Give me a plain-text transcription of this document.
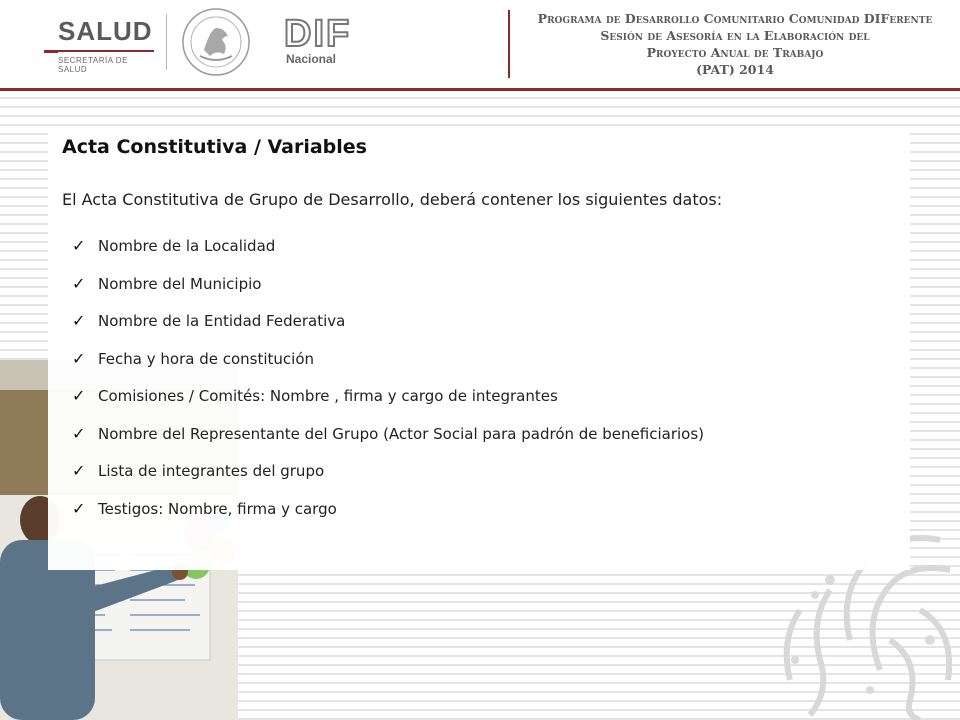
SALUD
SECRETARÍA DE SALUD
DIF
Nacional
Programa de Desarrollo Comunitario Comunidad DIFerente
Sesión de Asesoría en la Elaboración del
Proyecto Anual de Trabajo
(PAT) 2014
Acta Constitutiva / Variables
El Acta Constitutiva de Grupo de Desarrollo, deberá contener los siguientes datos:
✓ Nombre de la Localidad
✓ Nombre del Municipio
✓ Nombre de la Entidad Federativa
✓ Fecha y hora de constitución
✓ Comisiones / Comités: Nombre , firma y cargo de integrantes
✓ Nombre del Representante del Grupo (Actor Social para padrón de beneficiarios)
✓ Lista de integrantes del grupo
✓ Testigos: Nombre, firma y cargo
